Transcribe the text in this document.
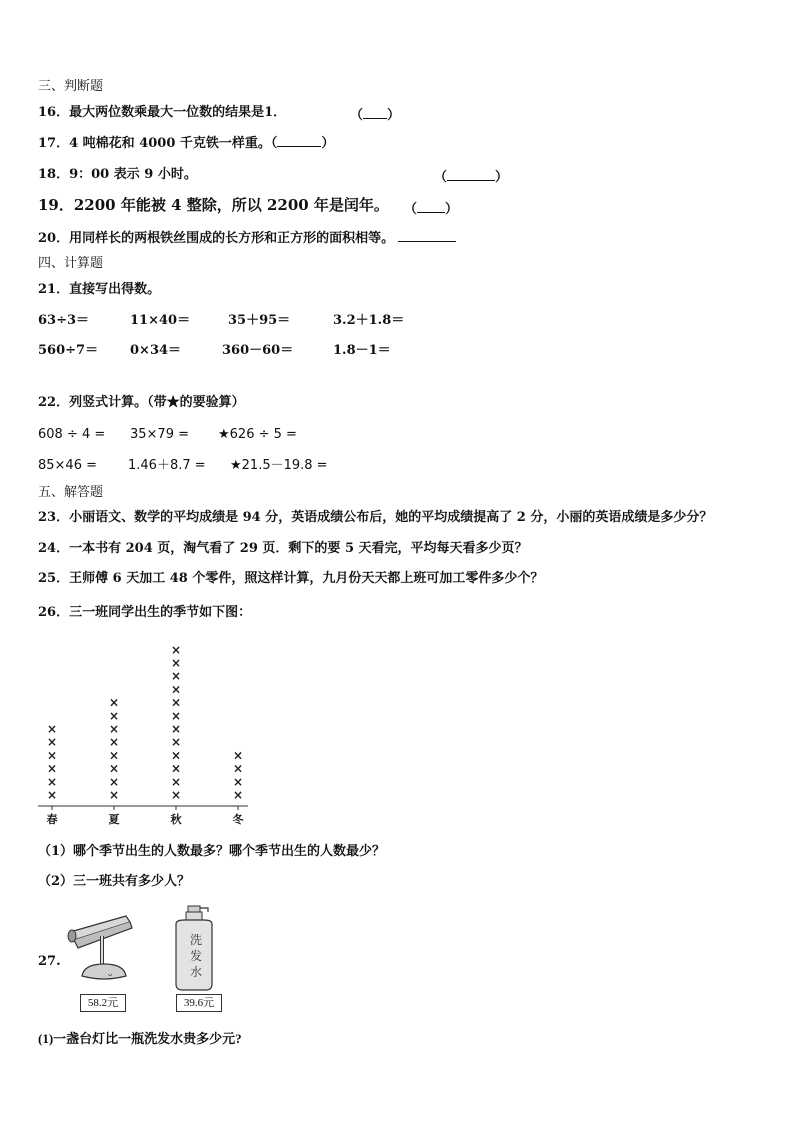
三、判断题
16．最大两位数乘最大一位数的结果是1．	（ ）
17．4 吨棉花和 4000 千克铁一样重。（	）
18．9：00 表示 9 小时。	（	）
19．2200 年能被 4 整除，所以 2200 年是闰年。 （ ）
20．用同样长的两根铁丝围成的长方形和正方形的面积相等。
四、计算题
21．直接写出得数。
63÷3＝	11×40＝	35＋95＝	3.2＋1.8＝
560÷7＝ 0×34＝	360－60＝	1.8－1＝
22．列竖式计算。（带★的要验算）
608 ÷ 4 = 35×79 = ★626 ÷ 5 =
85×46 = 1.46＋8.7 = ★21.5－19.8 =
五、解答题
23．小丽语文、数学的平均成绩是 94 分，英语成绩公布后，她的平均成绩提高了 2 分，小丽的英语成绩是多少分？
24．一本书有 204 页，淘气看了 29 页．剩下的要 5 天看完，平均每天看多少页？
25．王师傅 6 天加工 48 个零件，照这样计算，九月份天天都上班可加工零件多少个？
26．三一班同学出生的季节如下图：
×
×
×
×
×
×
×
×
×
×
×
×
×
×
×
×
×
×
×
×
×
×
×
×
×
×
×
×
×
×
春	夏	秋	冬
（1）哪个季节出生的人数最多？哪个季节出生的人数最少？
（2）三一班共有多少人？
27.
ᴗ
洗
发
水
58.2元	39.6元
(1)一盏台灯比一瓶洗发水贵多少元?
